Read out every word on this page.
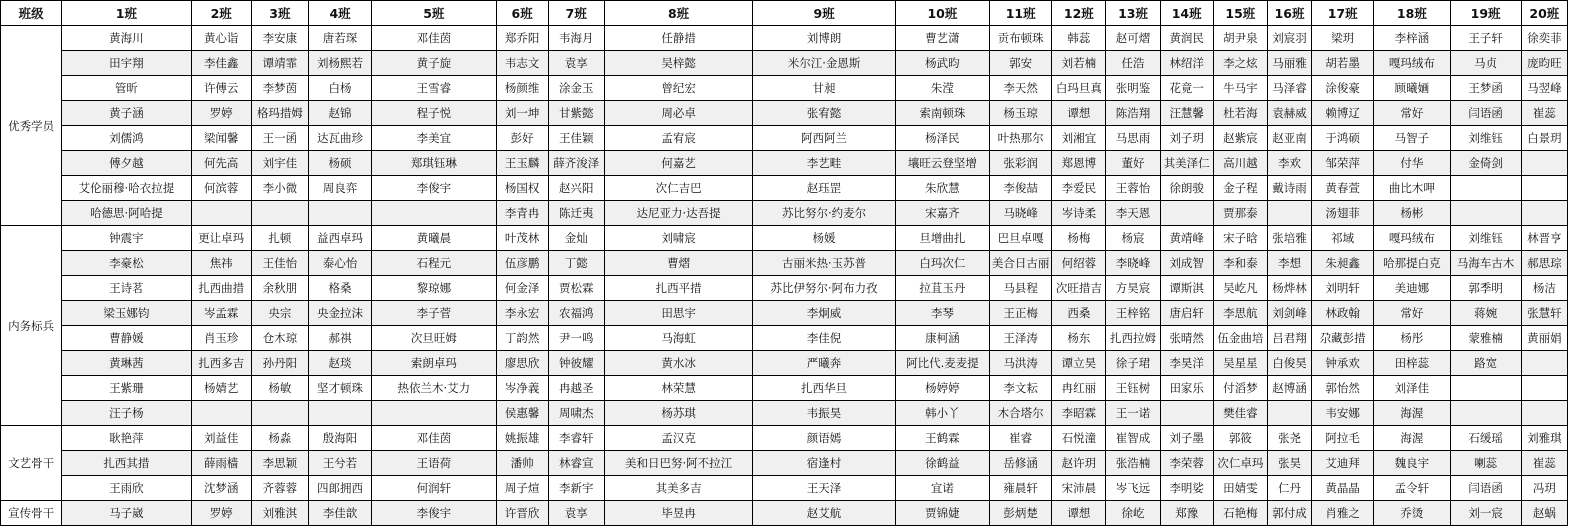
班级	1班	2班	3班	4班	5班	6班	7班	8班	9班	10班	11班	12班	13班	14班	15班	16班	17班	18班	19班	20班
优秀学员	黄海川	黄心诣	李安康	唐若琛	邓佳茵	郑乔阳	韦海月	任静措	刘博朗	曹艺潇	贡布顿珠	韩蕊	赵可熠	黄润民	胡尹泉	刘宸羽	梁玥	李梓涵	王子轩	徐奕菲
	田宇翔	李佳鑫	谭靖霏	刘杨熙若	黄子旋	韦志文	袁享	吴梓懿	米尔江·金恩斯	杨武昀	郭安	刘若楠	任浩	林绍洋	李之炫	马丽雅	胡若墨	嘎玛绒布	马贞	庞昀旺
	管昕	许傅云	李梦茵	白杨	王雪睿	杨颜维	涂金玉	曾纪宏	甘昶	朱滢	李天然	白玛旦真	张明鉴	花竟一	牛马宇	马泽睿	涂俊豪	顾曦婳	王梦函	马翌峰
	黄子涵	罗婷	格玛措姆	赵锦	程子悦	刘一坤	甘紫懿	周必卓	张宥懿	索南顿珠	杨玉琼	谭想	陈浩翔	汪慧馨	杜若海	袁赫威	赖博辽	常好	闫语函	崔蕊
	刘儒鸿	梁闻馨	王一函	达瓦曲珍	李美宜	彭好	王佳颖	孟宥宸	阿西阿兰	杨泽民	叶热那尔	刘湘宜	马思雨	刘子玥	赵紫宸	赵亚南	于鸿硕	马智子	刘维钰	白景玥
	傅夕越	何先高	刘宇佳	杨硕	郑琪钰琳	王玉麟	薛齐浚泽	何嘉艺	李艺畦	壤旺云登坚增	张彩润	郑恩博	董好	其美泽仁	高川越	李欢	邹荣萍	付华	金倚剑	
	艾伦丽穆·哈衣拉提	何滨蓉	李小微	周良弈	李俊宇	杨国权	赵兴阳	次仁吉巴	赵珏罡	朱欣慧	李俊喆	李爱民	王蓉怡	徐朗骏	金子程	戴诗雨	黄春萱	曲比木呷		
	哈德思·阿哈提					李青冉	陈迁夷	达尼亚力·达吾提	苏比努尔·约麦尔	宋嘉齐	马晓峰	岑诗柔	李天恩		贾那泰		汤翅菲	杨彬		
内务标兵	钟震宇	更让卓玛	扎顿	益西卓玛	黄曦晨	叶茂林	金灿	刘啸宸	杨媛	旦增曲扎	巴旦卓嘎	杨梅	杨宸	黄靖峰	宋子晗	张培雅	祁域	嘎玛绒布	刘维钰	林晋亨
	李豪松	焦祎	王佳怡	泰心怡	石程元	伍彦鹏	丁懿	曹熠	古丽米热·玉苏普	白玛次仁	美合日古丽	何绍蓉	李晓峰	刘成智	李和泰	李想	朱昶鑫	哈那提白克	马海车古木	郝思琮
	王诗茗	扎西曲措	余秋朋	格桑	黎琼娜	何金泽	贾松霖	扎西平措	苏比伊努尔·阿布力孜	拉苴玉丹	马县程	次旺措吉	方昊宸	谭斯淇	吴屹凡	杨烨林	刘明轩	美迪娜	郭季明	杨洁
	梁玉娜钧	岑孟霖	央宗	央金拉沫	李子菅	李永宏	农福鸿	田思宇	李炯威	李琴	王正梅	西桑	王梓铭	唐启轩	李思航	刘剑峰	林政翰	常好	蒋婉	张慧轩
	曹静媛	肖玉珍	仓木琼	郝祺	次旦旺姆	丁韵然	尹一鸣	马海虹	李佳倪	康柯涵	王泽涛	杨东	扎西拉姆	张晴然	伍金曲培	吕君翔	尕藏彭措	杨彤	蒙雅楠	黄丽娟
	黄琳茜	扎西多吉	孙丹阳	赵琰	索朗卓玛	廖思欣	钟彼耀	黄水冰	严曦奔	阿比代.麦麦提	马洪涛	谭立昊	徐子珺	李昊洋	吴星星	白俊昊	钟承欢	田梓蕊	路宽	
	王紫珊	杨婧艺	杨敏	坚才顿珠	热依兰木·艾力	岑净義	冉越圣	林荣慧	扎西华旦	杨婷婷	李文耘	冉红丽	王钰树	田家乐	付滔梦	赵博涵	郭怡然	刘泽佳		
	汪子杨					侯惠馨	周啸杰	杨苏琪	韦振昊	韩小丫	木合塔尔	李昭霖	王一诺		樊佳睿		韦安娜	海渥		
文艺骨干	耿艳萍	刘益佳	杨淼	殷海阳	邓佳茵	姚振雄	李睿轩	孟汉克	颜语嫣	王鹤霖	崔睿	石悦潼	崔智成	刘子墨	郭筱	张尧	阿拉毛	海渥	石缓瑶	刘雅琪
	扎西其措	薛雨樯	李思颖	王兮若	王语荷	潘帅	林睿宣	美和日巴努·阿不拉江	宿逢村	徐鹤益	岳修涵	赵许玥	张浩楠	李荣蓉	次仁卓玛	张昊	艾迪拜	魏良宇	喇蕊	崔蕊
	王雨欣	沈梦涵	齐蓉蓉	四郎拥西	何润轩	周子煊	李新宇	其美多吉	王天泽	宜诺	雍晨轩	宋沛晨	岑飞远	李明娑	田婧雯	仁丹	黄晶晶	孟令轩	闫语函	冯玥
宣传骨干	马子崴	罗婷	刘雅淇	李佳歆	李俊宇	许晋欣	袁享	毕昱冉	赵艾航	贾锦婕	彭炳楚	谭想	徐屹	郑豫	石艳梅	郭付成	肖雅之	乔烫	刘一宸	赵蜗
